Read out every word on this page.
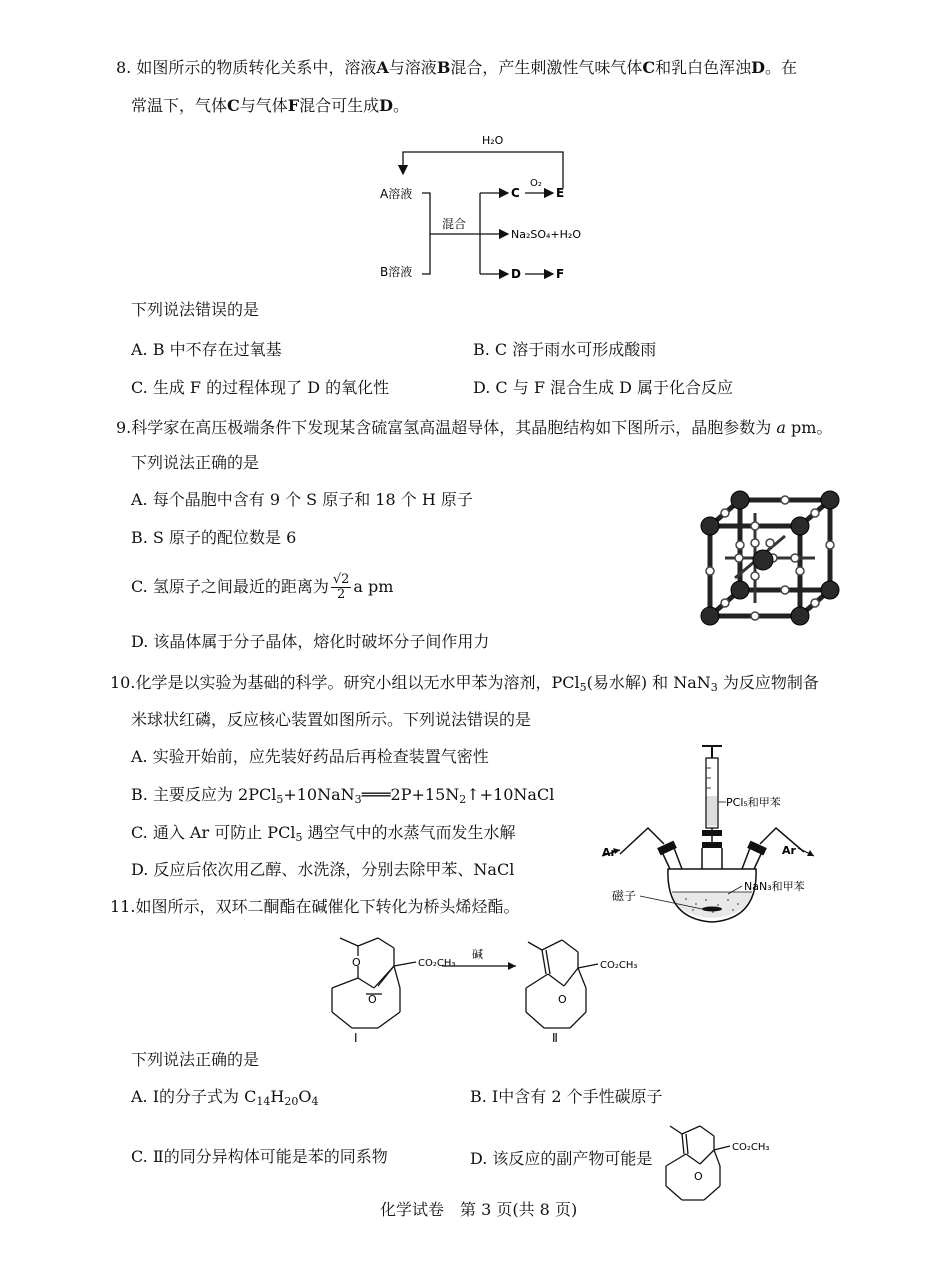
8. 如图所示的物质转化关系中，溶液A与溶液B混合，产生刺激性气味气体C和乳白色浑浊D。在
常温下，气体C与气体F混合可生成D。
H₂O
A溶液
B溶液
混合
C
O₂
E
Na₂SO₄+H₂O
D	F
下列说法错误的是
A. B 中不存在过氧基	B. C 溶于雨水可形成酸雨
C. 生成 F 的过程体现了 D 的氧化性	D. C 与 F 混合生成 D 属于化合反应
9.科学家在高压极端条件下发现某含硫富氢高温超导体，其晶胞结构如下图所示，晶胞参数为 a pm。
下列说法正确的是
A. 每个晶胞中含有 9 个 S 原子和 18 个 H 原子
B. S 原子的配位数是 6
C. 氢原子之间最近的距离为 $\frac{√2}{2}$ a pm
D. 该晶体属于分子晶体，熔化时破坏分子间作用力
10.化学是以实验为基础的科学。研究小组以无水甲苯为溶剂，PCl$_5$(易水解) 和 NaN$_3$ 为反应物制备
米球状红磷，反应核心装置如图所示。下列说法错误的是
A. 实验开始前，应先装好药品后再检查装置气密性
B. 主要反应为 $2PCl_5+10NaN_3═══2P+15N_2↑+10NaCl$
C. 通入 Ar 可防止 PCl$_5$ 遇空气中的水蒸气而发生水解
D. 反应后依次用乙醇、水洗涤，分别去除甲苯、NaCl
PCl₅和甲苯
Ar	Ar
磁子
NaN₃和甲苯
11.如图所示，双环二酮酯在碱催化下转化为桥头烯烃酯。
O
O
CO₂CH₃
Ⅰ
碱
O
CO₂CH₃
Ⅱ
下列说法正确的是
A. Ⅰ的分子式为 $C_{14}H_{20}O_4$	B. Ⅰ中含有 2 个手性碳原子
C. Ⅱ的同分异构体可能是苯的同系物	D. 该反应的副产物可能是
O
CO₂CH₃
化学试卷　第 3 页(共 8 页)
